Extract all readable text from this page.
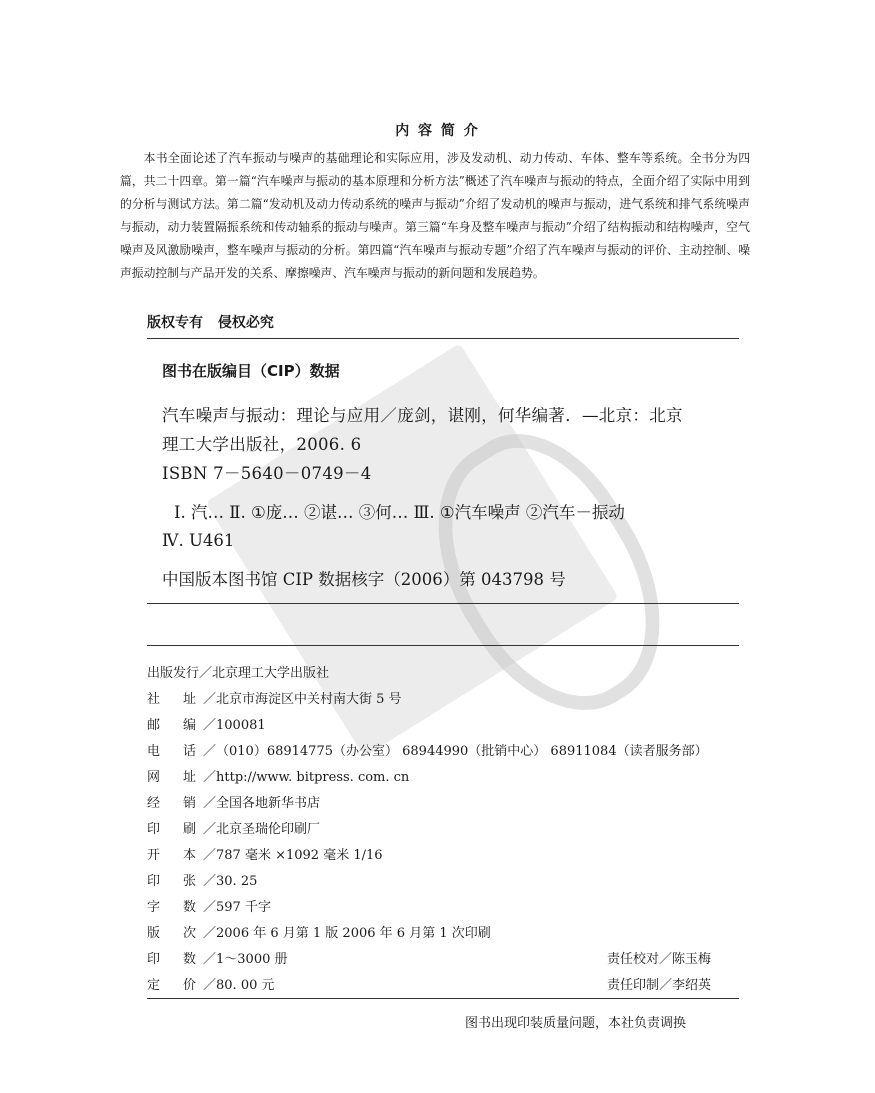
内 容 简 介
本书全面论述了汽车振动与噪声的基础理论和实际应用，涉及发动机、动力传动、车体、整车等系统。全书分为四篇，共二十四章。第一篇“汽车噪声与振动的基本原理和分析方法”概述了汽车噪声与振动的特点，全面介绍了实际中用到的分析与测试方法。第二篇“发动机及动力传动系统的噪声与振动”介绍了发动机的噪声与振动，进气系统和排气系统噪声与振动，动力装置隔振系统和传动轴系的振动与噪声。第三篇“车身及整车噪声与振动”介绍了结构振动和结构噪声，空气噪声及风激励噪声，整车噪声与振动的分析。第四篇“汽车噪声与振动专题”介绍了汽车噪声与振动的评价、主动控制、噪声振动控制与产品开发的关系、摩擦噪声、汽车噪声与振动的新问题和发展趋势。
版权专有 侵权必究
图书在版编目（CIP）数据
汽车噪声与振动：理论与应用／庞剑，谌刚，何华编著．—北京：北京
理工大学出版社，2006. 6
ISBN 7－5640－0749－4
Ⅰ. 汽… Ⅱ. ①庞… ②谌… ③何… Ⅲ. ①汽车噪声 ②汽车－振动
Ⅳ. U461
中国版本图书馆 CIP 数据核字（2006）第 043798 号
出版发行／北京理工大学出版社
社 址 ／北京市海淀区中关村南大街 5 号
邮 编 ／100081
电 话 ／（010）68914775（办公室） 68944990（批销中心） 68911084（读者服务部）
网 址 ／http://www. bitpress. com. cn
经 销 ／全国各地新华书店
印 刷 ／北京圣瑞伦印刷厂
开 本 ／787 毫米 ×1092 毫米 1/16
印 张 ／30. 25
字 数 ／597 千字
版 次 ／2006 年 6 月第 1 版 2006 年 6 月第 1 次印刷
印 数 ／1～3000 册	责任校对／陈玉梅
定 价 ／80. 00 元	责任印制／李绍英
图书出现印装质量问题，本社负责调换
